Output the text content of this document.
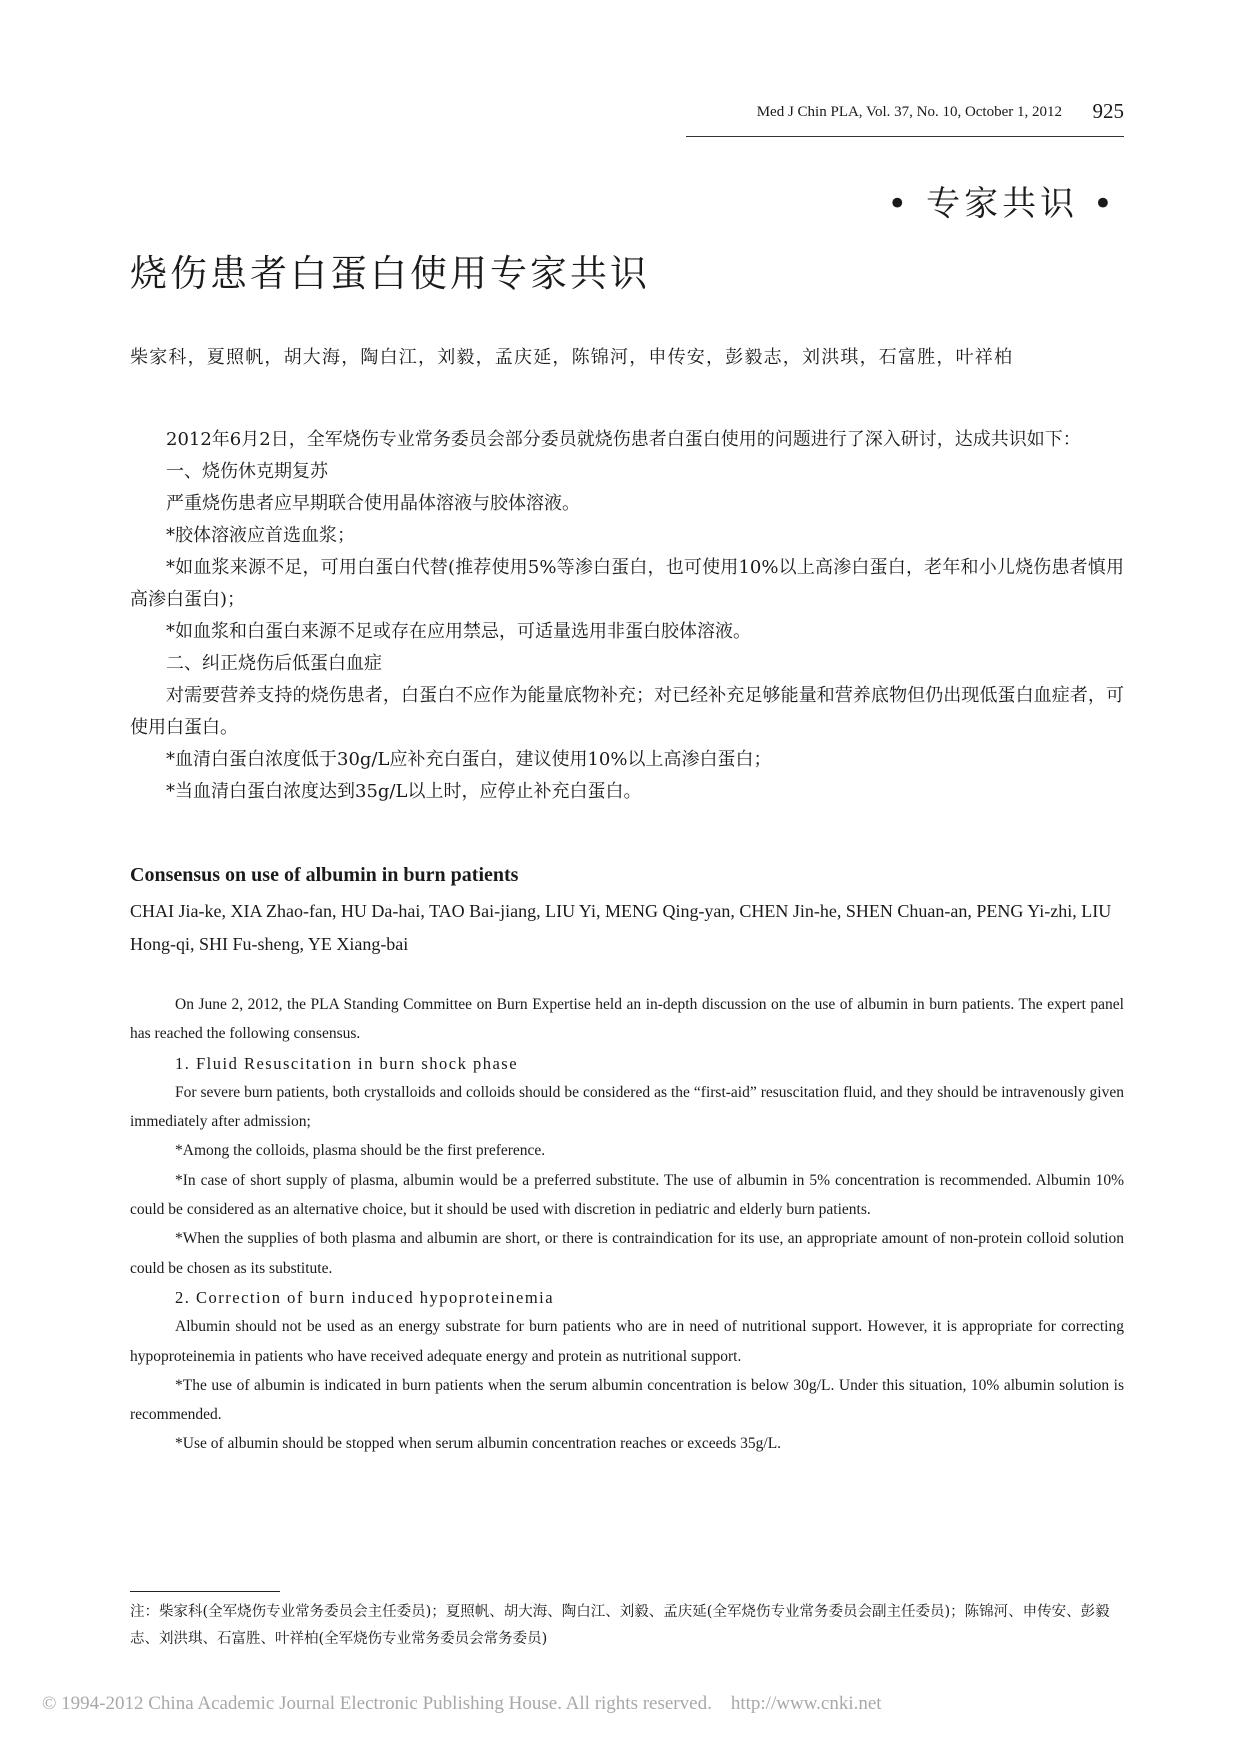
Med J Chin PLA, Vol. 37, No. 10, October 1, 2012 925
• 专家共识 •
烧伤患者白蛋白使用专家共识
柴家科，夏照帆，胡大海，陶白江，刘毅，孟庆延，陈锦河，申传安，彭毅志，刘洪琪，石富胜，叶祥柏

2012年6月2日，全军烧伤专业常务委员会部分委员就烧伤患者白蛋白使用的问题进行了深入研讨，达成共识如下：

一、烧伤休克期复苏

严重烧伤患者应早期联合使用晶体溶液与胶体溶液。

*胶体溶液应首选血浆；

*如血浆来源不足，可用白蛋白代替(推荐使用5%等渗白蛋白，也可使用10%以上高渗白蛋白，老年和小儿烧伤患者慎用高渗白蛋白)；

*如血浆和白蛋白来源不足或存在应用禁忌，可适量选用非蛋白胶体溶液。

二、纠正烧伤后低蛋白血症

对需要营养支持的烧伤患者，白蛋白不应作为能量底物补充；对已经补充足够能量和营养底物但仍出现低蛋白血症者，可使用白蛋白。

*血清白蛋白浓度低于30g/L应补充白蛋白，建议使用10%以上高渗白蛋白；

*当血清白蛋白浓度达到35g/L以上时，应停止补充白蛋白。

Consensus on use of albumin in burn patients
CHAI Jia-ke, XIA Zhao-fan, HU Da-hai, TAO Bai-jiang, LIU Yi, MENG Qing-yan, CHEN Jin-he, SHEN Chuan-an, PENG Yi-zhi, LIU Hong-qi, SHI Fu-sheng, YE Xiang-bai

On June 2, 2012, the PLA Standing Committee on Burn Expertise held an in-depth discussion on the use of albumin in burn patients. The expert panel has reached the following consensus.

1. Fluid Resuscitation in burn shock phase

For severe burn patients, both crystalloids and colloids should be considered as the “first-aid” resuscitation fluid, and they should be intravenously given immediately after admission;

*Among the colloids, plasma should be the first preference.

*In case of short supply of plasma, albumin would be a preferred substitute. The use of albumin in 5% concentration is recommended. Albumin 10% could be considered as an alternative choice, but it should be used with discretion in pediatric and elderly burn patients.

*When the supplies of both plasma and albumin are short, or there is contraindication for its use, an appropriate amount of non-protein colloid solution could be chosen as its substitute.

2. Correction of burn induced hypoproteinemia

Albumin should not be used as an energy substrate for burn patients who are in need of nutritional support. However, it is appropriate for correcting hypoproteinemia in patients who have received adequate energy and protein as nutritional support.

*The use of albumin is indicated in burn patients when the serum albumin concentration is below 30g/L. Under this situation, 10% albumin solution is recommended.

*Use of albumin should be stopped when serum albumin concentration reaches or exceeds 35g/L.

注：柴家科(全军烧伤专业常务委员会主任委员)；夏照帆、胡大海、陶白江、刘毅、孟庆延(全军烧伤专业常务委员会副主任委员)；陈锦河、申传安、彭毅志、刘洪琪、石富胜、叶祥柏(全军烧伤专业常务委员会常务委员)
© 1994-2012 China Academic Journal Electronic Publishing House. All rights reserved. http://www.cnki.net
